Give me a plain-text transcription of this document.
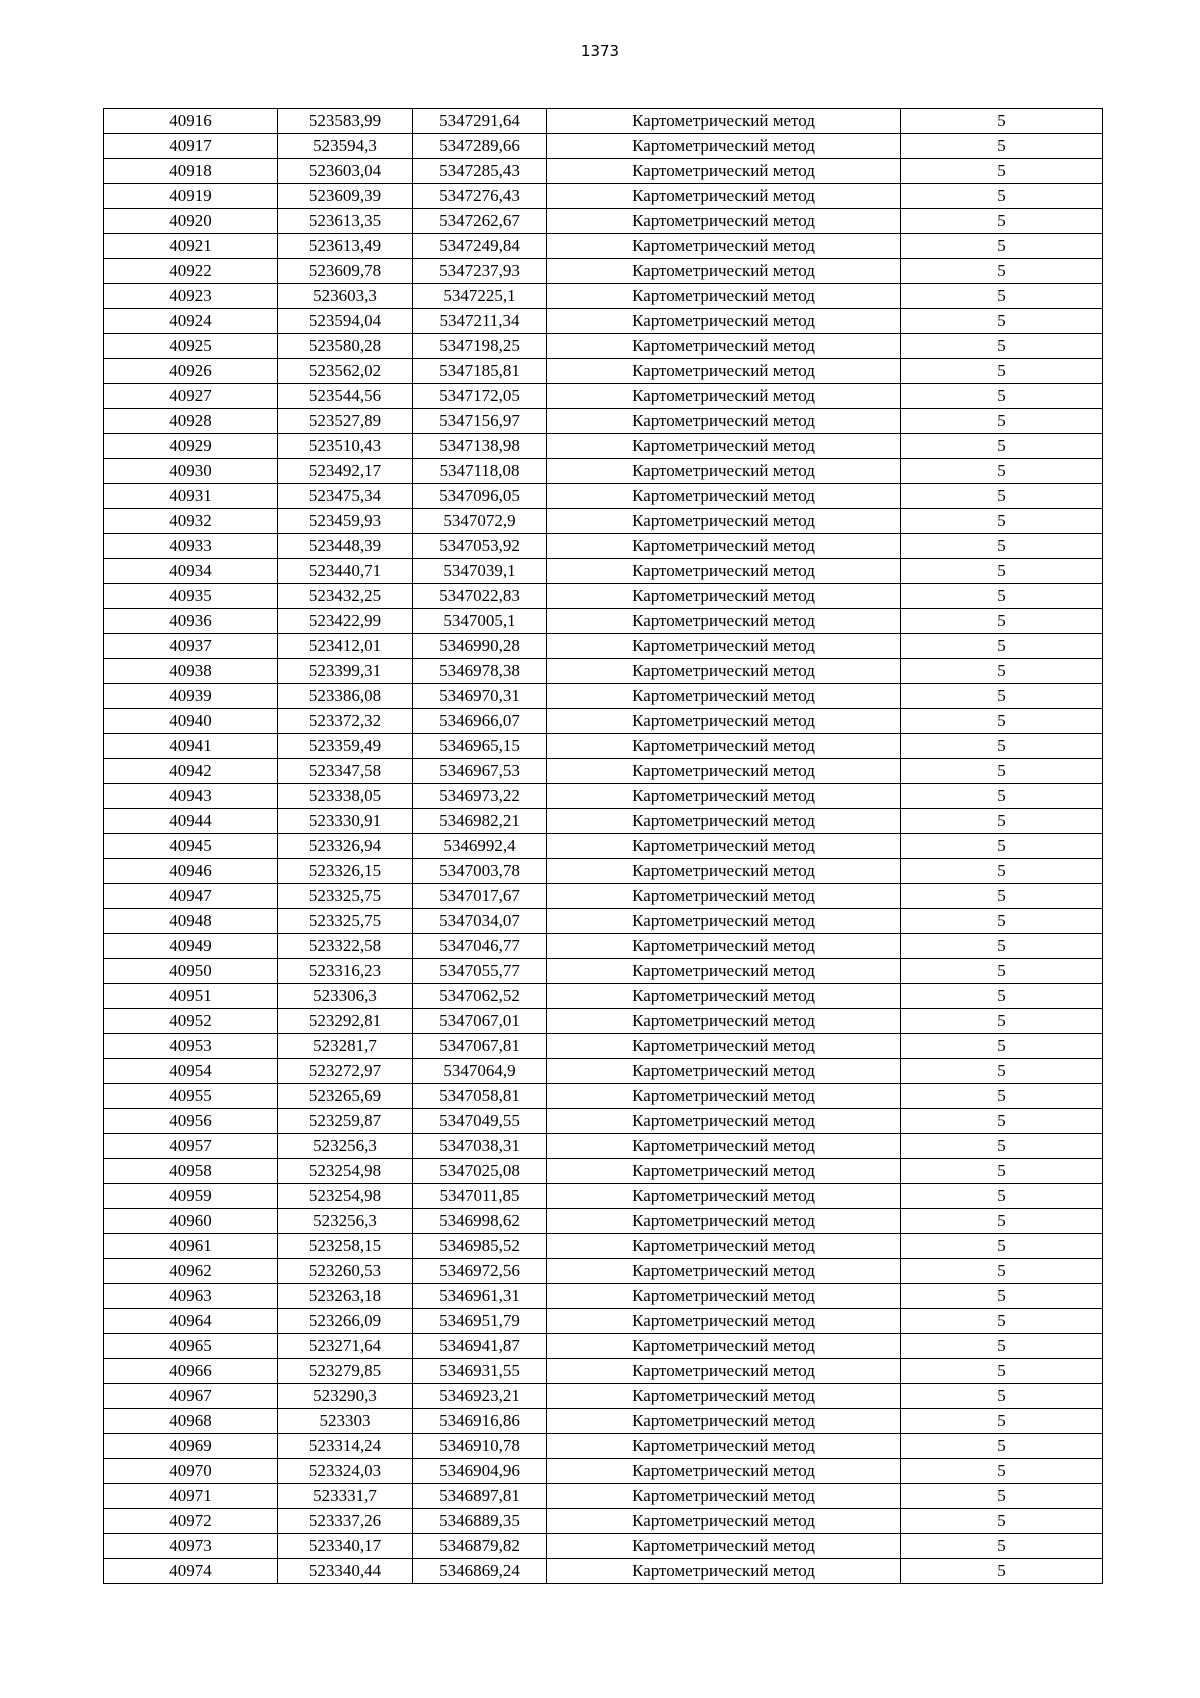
1373
40916	523583,99	5347291,64	Картометрический метод	5
40917	523594,3	5347289,66	Картометрический метод	5
40918	523603,04	5347285,43	Картометрический метод	5
40919	523609,39	5347276,43	Картометрический метод	5
40920	523613,35	5347262,67	Картометрический метод	5
40921	523613,49	5347249,84	Картометрический метод	5
40922	523609,78	5347237,93	Картометрический метод	5
40923	523603,3	5347225,1	Картометрический метод	5
40924	523594,04	5347211,34	Картометрический метод	5
40925	523580,28	5347198,25	Картометрический метод	5
40926	523562,02	5347185,81	Картометрический метод	5
40927	523544,56	5347172,05	Картометрический метод	5
40928	523527,89	5347156,97	Картометрический метод	5
40929	523510,43	5347138,98	Картометрический метод	5
40930	523492,17	5347118,08	Картометрический метод	5
40931	523475,34	5347096,05	Картометрический метод	5
40932	523459,93	5347072,9	Картометрический метод	5
40933	523448,39	5347053,92	Картометрический метод	5
40934	523440,71	5347039,1	Картометрический метод	5
40935	523432,25	5347022,83	Картометрический метод	5
40936	523422,99	5347005,1	Картометрический метод	5
40937	523412,01	5346990,28	Картометрический метод	5
40938	523399,31	5346978,38	Картометрический метод	5
40939	523386,08	5346970,31	Картометрический метод	5
40940	523372,32	5346966,07	Картометрический метод	5
40941	523359,49	5346965,15	Картометрический метод	5
40942	523347,58	5346967,53	Картометрический метод	5
40943	523338,05	5346973,22	Картометрический метод	5
40944	523330,91	5346982,21	Картометрический метод	5
40945	523326,94	5346992,4	Картометрический метод	5
40946	523326,15	5347003,78	Картометрический метод	5
40947	523325,75	5347017,67	Картометрический метод	5
40948	523325,75	5347034,07	Картометрический метод	5
40949	523322,58	5347046,77	Картометрический метод	5
40950	523316,23	5347055,77	Картометрический метод	5
40951	523306,3	5347062,52	Картометрический метод	5
40952	523292,81	5347067,01	Картометрический метод	5
40953	523281,7	5347067,81	Картометрический метод	5
40954	523272,97	5347064,9	Картометрический метод	5
40955	523265,69	5347058,81	Картометрический метод	5
40956	523259,87	5347049,55	Картометрический метод	5
40957	523256,3	5347038,31	Картометрический метод	5
40958	523254,98	5347025,08	Картометрический метод	5
40959	523254,98	5347011,85	Картометрический метод	5
40960	523256,3	5346998,62	Картометрический метод	5
40961	523258,15	5346985,52	Картометрический метод	5
40962	523260,53	5346972,56	Картометрический метод	5
40963	523263,18	5346961,31	Картометрический метод	5
40964	523266,09	5346951,79	Картометрический метод	5
40965	523271,64	5346941,87	Картометрический метод	5
40966	523279,85	5346931,55	Картометрический метод	5
40967	523290,3	5346923,21	Картометрический метод	5
40968	523303	5346916,86	Картометрический метод	5
40969	523314,24	5346910,78	Картометрический метод	5
40970	523324,03	5346904,96	Картометрический метод	5
40971	523331,7	5346897,81	Картометрический метод	5
40972	523337,26	5346889,35	Картометрический метод	5
40973	523340,17	5346879,82	Картометрический метод	5
40974	523340,44	5346869,24	Картометрический метод	5
